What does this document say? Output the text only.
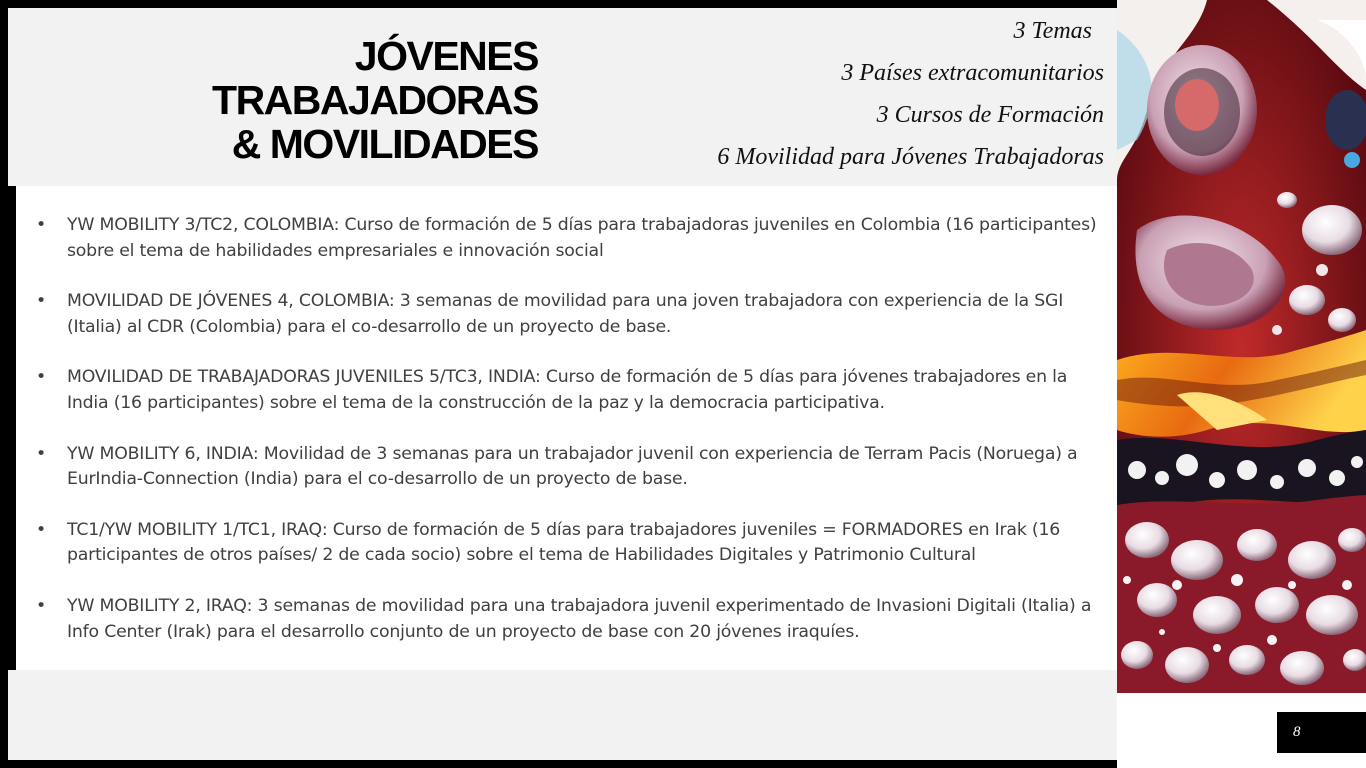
JÓVENES TRABAJADORAS
& MOVILIDADES
3 Temas
3 Países extracomunitarios
3 Cursos de Formación
6 Movilidad para Jóvenes Trabajadoras
• YW MOBILITY 3/TC2, COLOMBIA: Curso de formación de 5 días para trabajadoras juveniles en Colombia (16 participantes) sobre el tema de habilidades empresariales e innovación social
• MOVILIDAD DE JÓVENES 4, COLOMBIA: 3 semanas de movilidad para una joven trabajadora con experiencia de la SGI (Italia) al CDR (Colombia) para el co-desarrollo de un proyecto de base.
• MOVILIDAD DE TRABAJADORAS JUVENILES 5/TC3, INDIA: Curso de formación de 5 días para jóvenes trabajadores en la India (16 participantes) sobre el tema de la construcción de la paz y la democracia participativa.
• YW MOBILITY 6, INDIA: Movilidad de 3 semanas para un trabajador juvenil con experiencia de Terram Pacis (Noruega) a EurIndia-Connection (India) para el co-desarrollo de un proyecto de base.
• TC1/YW MOBILITY 1/TC1, IRAQ: Curso de formación de 5 días para trabajadores juveniles = FORMADORES en Irak (16 participantes de otros países/ 2 de cada socio) sobre el tema de Habilidades Digitales y Patrimonio Cultural
• YW MOBILITY 2, IRAQ: 3 semanas de movilidad para una trabajadora juvenil experimentado de Invasioni Digitali (Italia) a Info Center (Irak) para el desarrollo conjunto de un proyecto de base con 20 jóvenes iraquíes.
8
